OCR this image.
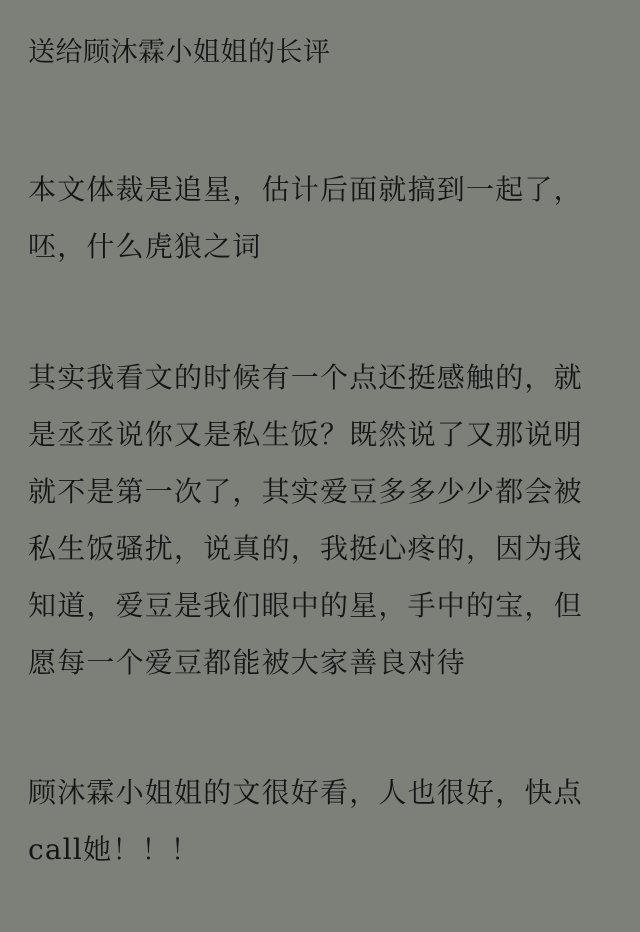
送给顾沐霖小姐姐的长评

本文体裁是追星，估计后面就搞到一起了，
呸，什么虎狼之词

其实我看文的时候有一个点还挺感触的，就
是丞丞说你又是私生饭？既然说了又那说明
就不是第一次了，其实爱豆多多少少都会被
私生饭骚扰，说真的，我挺心疼的，因为我
知道，爱豆是我们眼中的星，手中的宝，但
愿每一个爱豆都能被大家善良对待

顾沐霖小姐姐的文很好看，人也很好，快点
call她！！！
